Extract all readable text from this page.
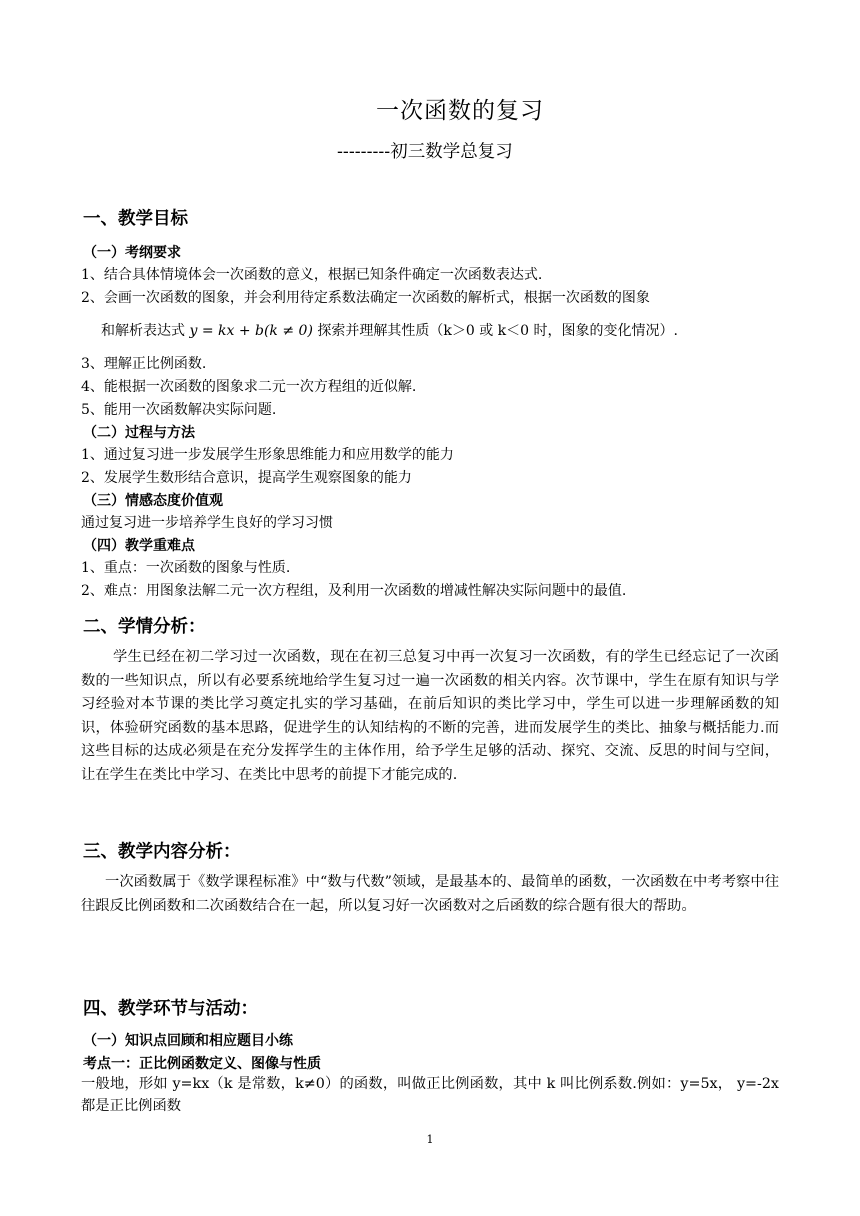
一次函数的复习
---------初三数学总复习
一、教学目标
（一）考纲要求
1、结合具体情境体会一次函数的意义，根据已知条件确定一次函数表达式.
2、会画一次函数的图象，并会利用待定系数法确定一次函数的解析式，根据一次函数的图象
和解析表达式 y = kx + b(k ≠ 0) 探索并理解其性质（k＞0 或 k＜0 时，图象的变化情况）.
3、理解正比例函数.
4、能根据一次函数的图象求二元一次方程组的近似解.
5、能用一次函数解决实际问题.
（二）过程与方法
1、通过复习进一步发展学生形象思维能力和应用数学的能力
2、发展学生数形结合意识，提高学生观察图象的能力
（三）情感态度价值观
通过复习进一步培养学生良好的学习习惯
（四）教学重难点
1、重点：一次函数的图象与性质.
2、难点：用图象法解二元一次方程组，及利用一次函数的增减性解决实际问题中的最值.
二、学情分析：

学生已经在初二学习过一次函数，现在在初三总复习中再一次复习一次函数，有的学生已经忘记了一次函数的一些知识点，所以有必要系统地给学生复习过一遍一次函数的相关内容。次节课中，学生在原有知识与学习经验对本节课的类比学习奠定扎实的学习基础，在前后知识的类比学习中，学生可以进一步理解函数的知识，体验研究函数的基本思路，促进学生的认知结构的不断的完善，进而发展学生的类比、抽象与概括能力.而这些目标的达成必须是在充分发挥学生的主体作用，给予学生足够的活动、探究、交流、反思的时间与空间，让在学生在类比中学习、在类比中思考的前提下才能完成的.

三、教学内容分析：

一次函数属于《数学课程标准》中“数与代数”领域，是最基本的、最简单的函数，一次函数在中考考察中往往跟反比例函数和二次函数结合在一起，所以复习好一次函数对之后函数的综合题有很大的帮助。

四、教学环节与活动：
（一）知识点回顾和相应题目小练
考点一：正比例函数定义、图像与性质

一般地，形如 y=kx（k 是常数，k≠0）的函数，叫做正比例函数，其中 k 叫比例系数.例如：y=5x， y=-2x 都是正比例函数

1
